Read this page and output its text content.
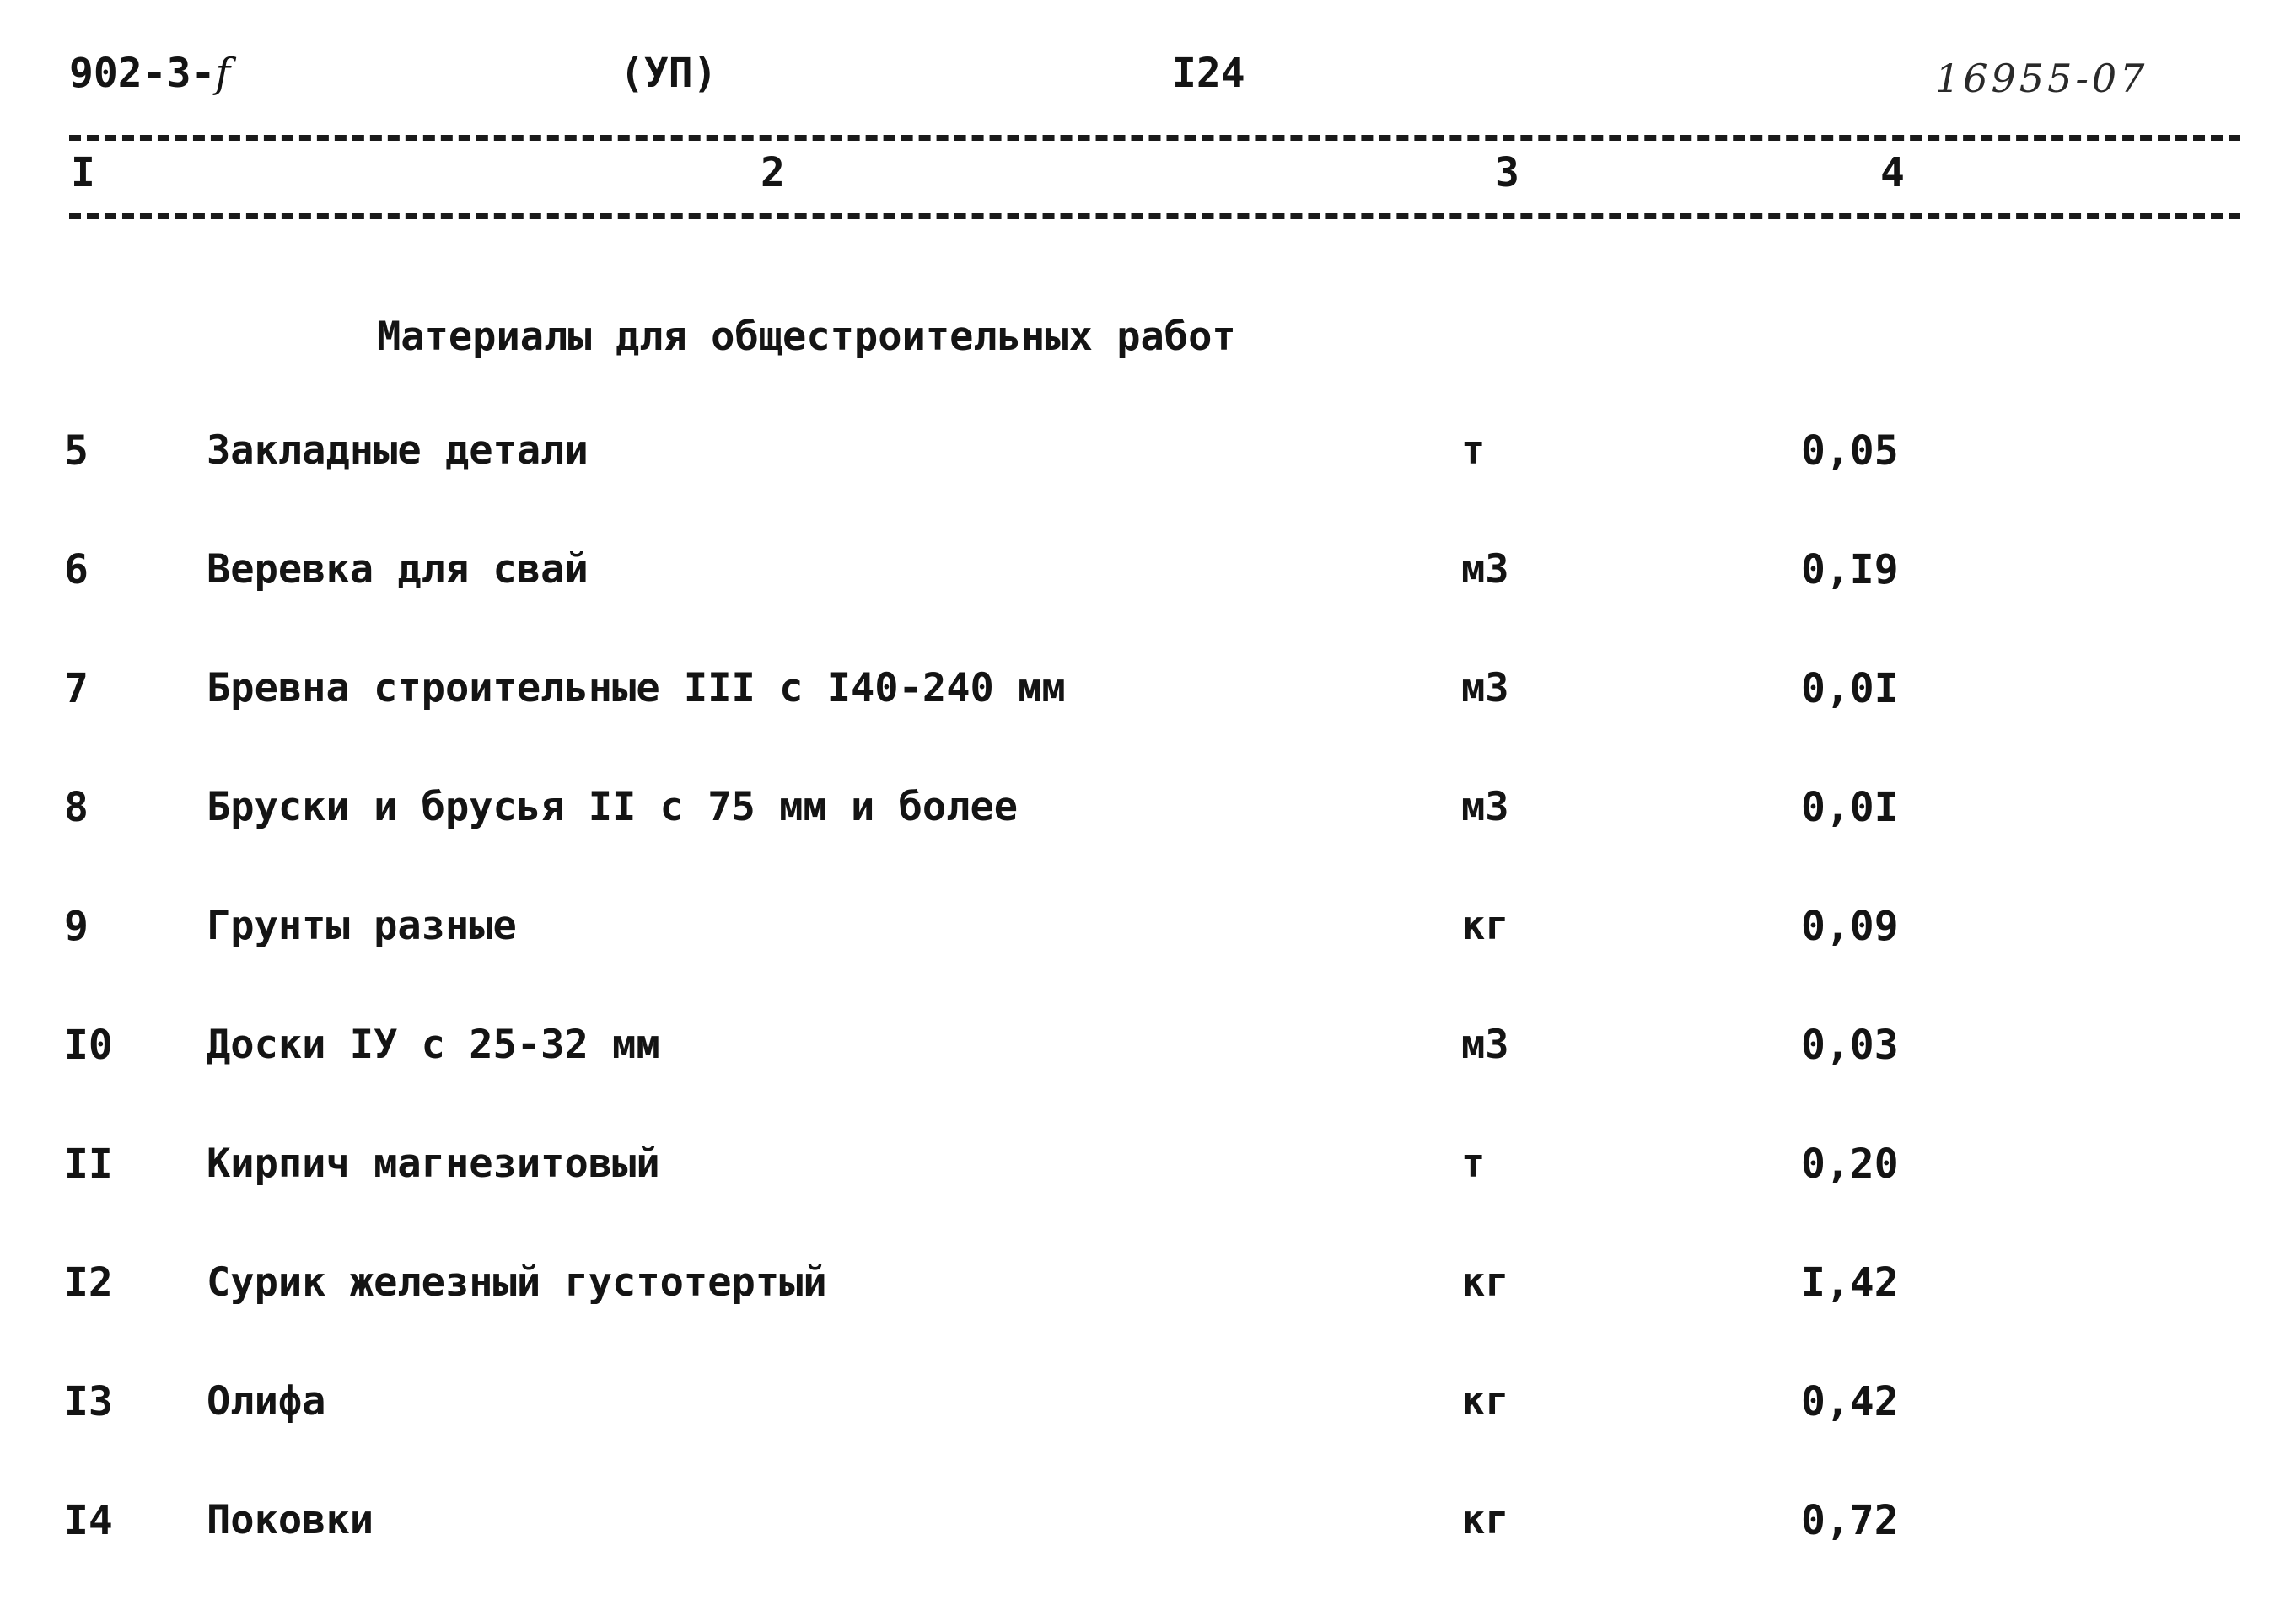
902-3-f	(УП)	I24	16955-07
I	2	3	4
Материалы для общестроительных работ
5	Закладные детали	т	0,05
6	Веревка для свай	м3	0,I9
7	Бревна строительные III с I40-240 мм	м3	0,0I
8	Бруски и брусья II с 75 мм и более	м3	0,0I
9	Грунты разные	кг	0,09
I0 Доски IУ с 25-32 мм	м3	0,03
II Кирпич магнезитовый	т	0,20
I2 Сурик железный густотертый	кг	I,42
I3 Олифа	кг	0,42
I4 Поковки	кг	0,72
